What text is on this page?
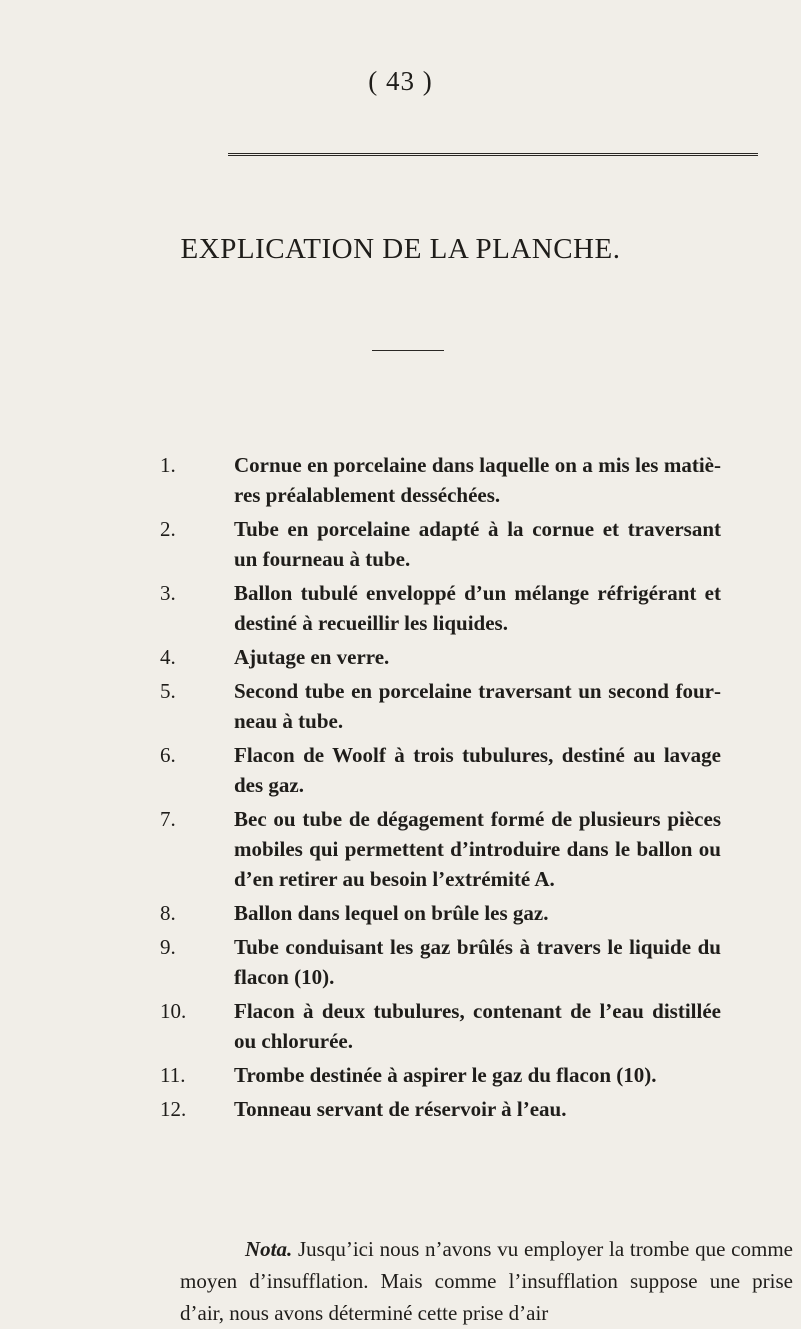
( 43 )
EXPLICATION DE LA PLANCHE.
1.	Cornue en porcelaine dans laquelle on a mis les matières préalablement desséchées.
2.	Tube en porcelaine adapté à la cornue et traversant un fourneau à tube.
3.	Ballon tubulé enveloppé d’un mélange réfrigérant et destiné à recueillir les liquides.
4.	Ajutage en verre.
5.	Second tube en porcelaine traversant un second fourneau à tube.
6.	Flacon de Woolf à trois tubulures, destiné au lavage des gaz.
7.	Bec ou tube de dégagement formé de plusieurs pièces mobiles qui permettent d’introduire dans le ballon ou d’en retirer au besoin l’extrémité A.
8.	Ballon dans lequel on brûle les gaz.
9.	Tube conduisant les gaz brûlés à travers le liquide du flacon (10).
10.	Flacon à deux tubulures, contenant de l’eau distillée ou chlorurée.
11.	Trombe destinée à aspirer le gaz du flacon (10).
12.	Tonneau servant de réservoir à l’eau.

Nota. Jusqu’ici nous n’avons vu employer la trombe que comme moyen d’insufflation. Mais comme l’insufflation suppose une prise d’air, nous avons déterminé cette prise d’air
